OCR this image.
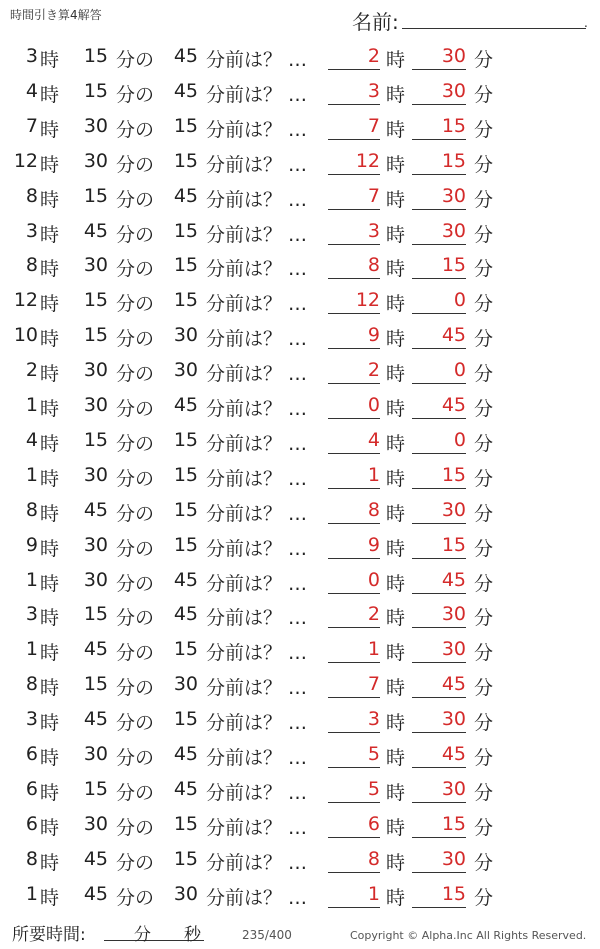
時間引き算4解答	名前:	.
3 時	15 分の	45 分前は？ …	2 時	30 分
4 時	15 分の	45 分前は？ …	3 時	30 分
7 時	30 分の	15 分前は？ …	7 時	15 分
12 時	30 分の	15 分前は？ …	12 時	15 分
8 時	15 分の	45 分前は？ …	7 時	30 分
3 時	45 分の	15 分前は？ …	3 時	30 分
8 時	30 分の	15 分前は？ …	8 時	15 分
12 時	15 分の	15 分前は？ …	12 時	0 分
10 時	15 分の	30 分前は？ …	9 時	45 分
2 時	30 分の	30 分前は？ …	2 時	0 分
1 時	30 分の	45 分前は？ …	0 時	45 分
4 時	15 分の	15 分前は？ …	4 時	0 分
1 時	30 分の	15 分前は？ …	1 時	15 分
8 時	45 分の	15 分前は？ …	8 時	30 分
9 時	30 分の	15 分前は？ …	9 時	15 分
1 時	30 分の	45 分前は？ …	0 時	45 分
3 時	15 分の	45 分前は？ …	2 時	30 分
1 時	45 分の	15 分前は？ …	1 時	30 分
8 時	15 分の	30 分前は？ …	7 時	45 分
3 時	45 分の	15 分前は？ …	3 時	30 分
6 時	30 分の	45 分前は？ …	5 時	45 分
6 時	15 分の	45 分前は？ …	5 時	30 分
6 時	30 分の	15 分前は？ …	6 時	15 分
8 時	45 分の	15 分前は？ …	8 時	30 分
1 時	45 分の	30 分前は？ …	1 時	15 分
所要時間:	分 秒	235/400	Copyright © Alpha.Inc All Rights Reserved.
